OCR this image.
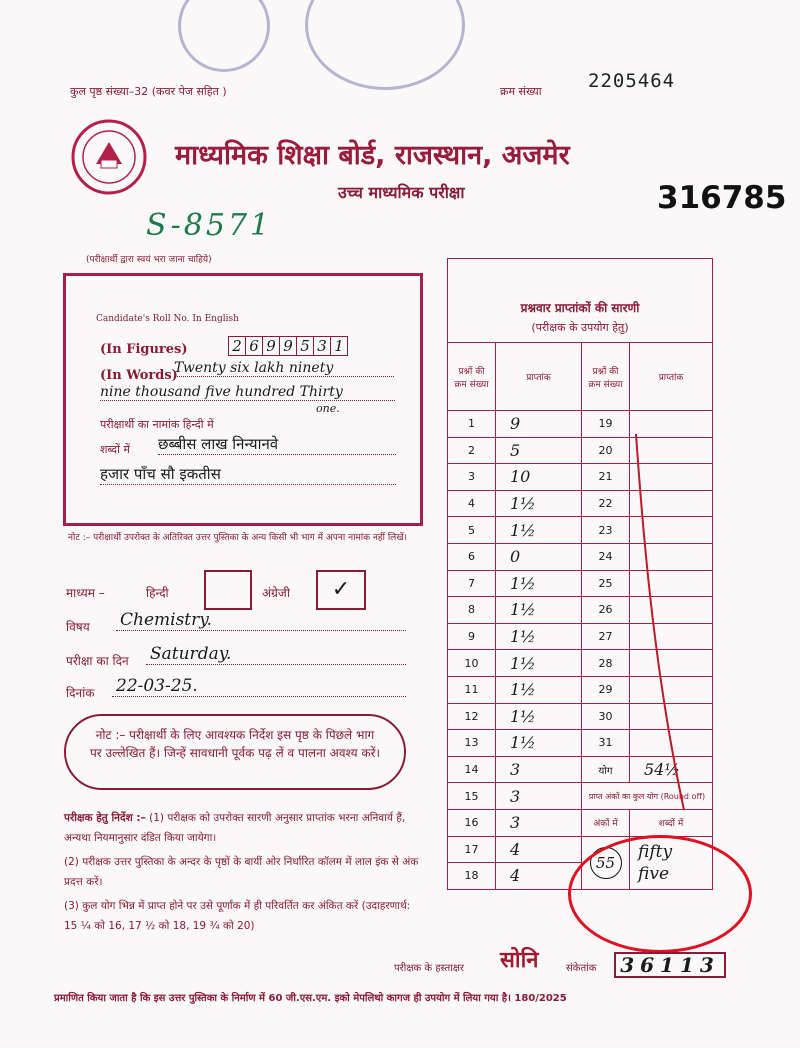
कुल पृष्ठ संख्या–32 (कवर पेज सहित )	क्रम संख्या 2205464
माध्यमिक शिक्षा बोर्ड, राजस्थान, अजमेर
उच्च माध्यमिक परीक्षा	316785
S-8571
(परीक्षार्थी द्वारा स्वयं भरा जाना चाहिये)
Candidate's Roll No. In English
(In Figures)	2 6 9 9 5 3 1
(In Words)
Twenty six lakh ninety
nine thousand five hundred Thirty
one.
परीक्षार्थी का नामांक हिन्दी में
शब्दों में छब्बीस लाख निन्यानवे
हजार पाँच सौ इकतीस
नोट :– परीक्षार्थी उपरोक्त के अतिरिक्त उत्तर पुस्तिका के अन्य किसी भी भाग में अपना नामांक नहीं लिखें।
माध्यम –	हिन्दी	अंग्रेजी	✓
विषय Chemistry.
परीक्षा का दिन Saturday.
दिनांक 22-03-25.
नोट :– परीक्षार्थी के लिए आवश्यक निर्देश इस पृष्ठ के पिछले भाग पर उल्लेखित हैं। जिन्हें सावधानी पूर्वक पढ़ लें व पालना अवश्य करें।
परीक्षक हेतु निर्देश :– (1) परीक्षक को उपरोक्त सारणी अनुसार प्राप्तांक भरना अनिवार्य हैं, अन्यथा नियमानुसार दंडित किया जायेगा।
(2) परीक्षक उत्तर पुस्तिका के अन्दर के पृष्ठों के बायीं ओर निर्धारित कॉलम में लाल इंक से अंक प्रदत्त करें।
(3) कुल योग भिन्न में प्राप्त होने पर उसे पूर्णांक में ही परिवर्तित कर अंकित करें (उदाहरणार्थ: 15 ¼ को 16, 17 ½ को 18, 19 ¾ को 20)

प्रश्नवार प्राप्तांकों की सारणी
(परीक्षक के उपयोग हेतु)			

प्रश्नों की क्रम संख्या	प्राप्तांक	प्रश्नों की क्रम संख्या	प्राप्तांक
1	9	19	
2	5	20	
3	10	21	
4	1½	22	
5	1½	23	
6	0	24	
7	1½	25	
8	1½	26	
9	1½	27	
10	1½	28	
11	1½	29	
12	1½	30	
13	1½	31	
14	3	योग	54½
15	3	प्राप्त अंकों का कुल योग (Round off)	
16	3	अंकों में	शब्दों में
17	4	55	fifty five
18	4		
परीक्षक के हस्ताक्षर सोनि	संकेतांक	36113
प्रमाणित किया जाता है कि इस उत्तर पुस्तिका के निर्माण में 60 जी.एस.एम. इको मेपलिथो कागज ही उपयोग में लिया गया है। 180/2025
